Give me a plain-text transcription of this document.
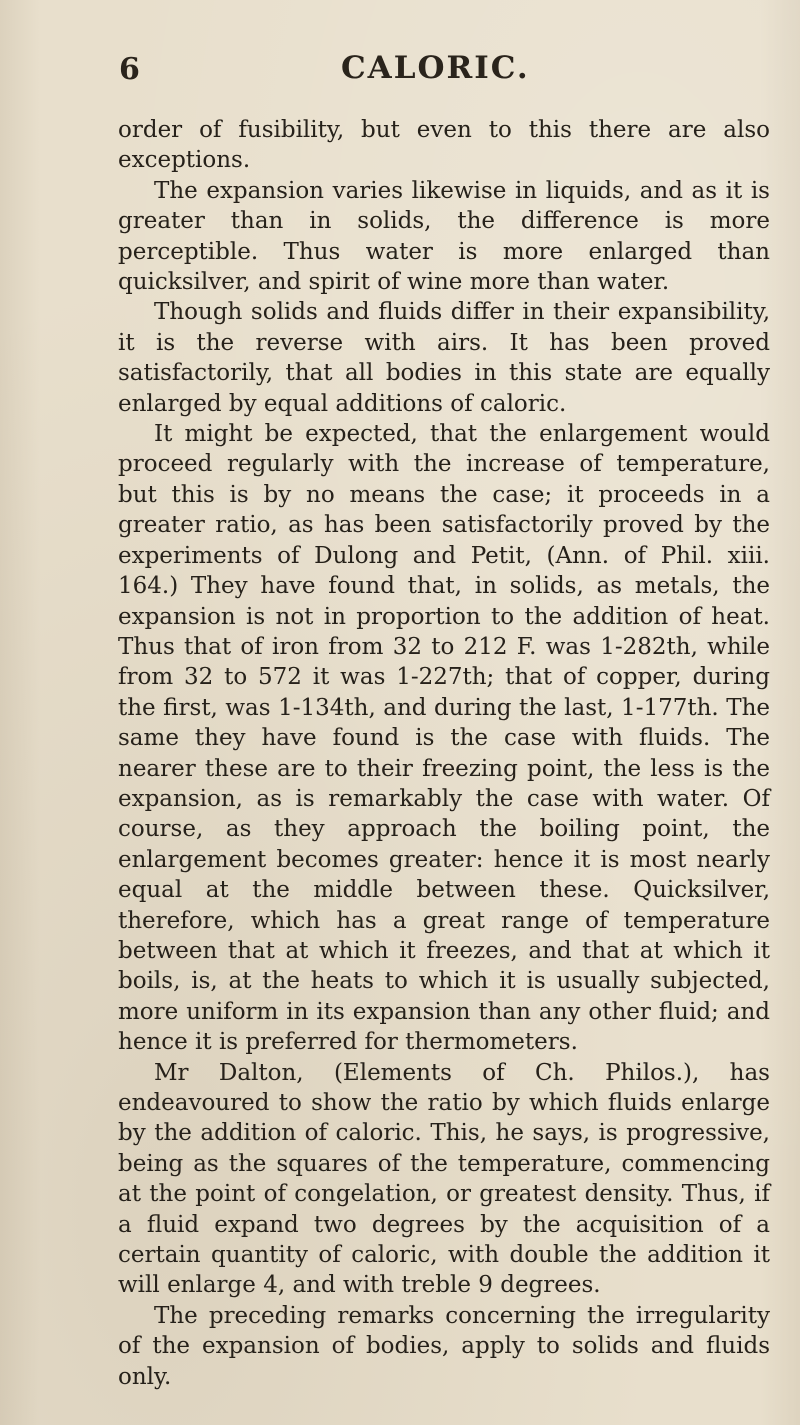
6	CALORIC.

order of fusibility, but even to this there are also exceptions.

The expansion varies likewise in liquids, and as it is greater than in solids, the difference is more perceptible. Thus water is more enlarged than quicksilver, and spirit of wine more than water.

Though solids and fluids differ in their expansibility, it is the reverse with airs. It has been proved satisfactorily, that all bodies in this state are equally enlarged by equal additions of caloric.

It might be expected, that the enlargement would proceed regularly with the increase of temperature, but this is by no means the case; it proceeds in a greater ratio, as has been satisfactorily proved by the experiments of Dulong and Petit, (Ann. of Phil. xiii. 164.) They have found that, in solids, as metals, the expansion is not in proportion to the addition of heat. Thus that of iron from 32 to 212 F. was 1-282th, while from 32 to 572 it was 1-227th; that of copper, during the first, was 1-134th, and during the last, 1-177th. The same they have found is the case with fluids. The nearer these are to their freezing point, the less is the expansion, as is remarkably the case with water. Of course, as they approach the boiling point, the enlargement becomes greater: hence it is most nearly equal at the middle between these. Quicksilver, therefore, which has a great range of temperature between that at which it freezes, and that at which it boils, is, at the heats to which it is usually subjected, more uniform in its expansion than any other fluid; and hence it is preferred for thermometers.

Mr Dalton, (Elements of Ch. Philos.), has endeavoured to show the ratio by which fluids enlarge by the addition of caloric. This, he says, is progressive, being as the squares of the temperature, commencing at the point of congelation, or greatest density. Thus, if a fluid expand two degrees by the acquisition of a certain quantity of caloric, with double the addition it will enlarge 4, and with treble 9 degrees.

The preceding remarks concerning the irregularity of the expansion of bodies, apply to solids and fluids only.
